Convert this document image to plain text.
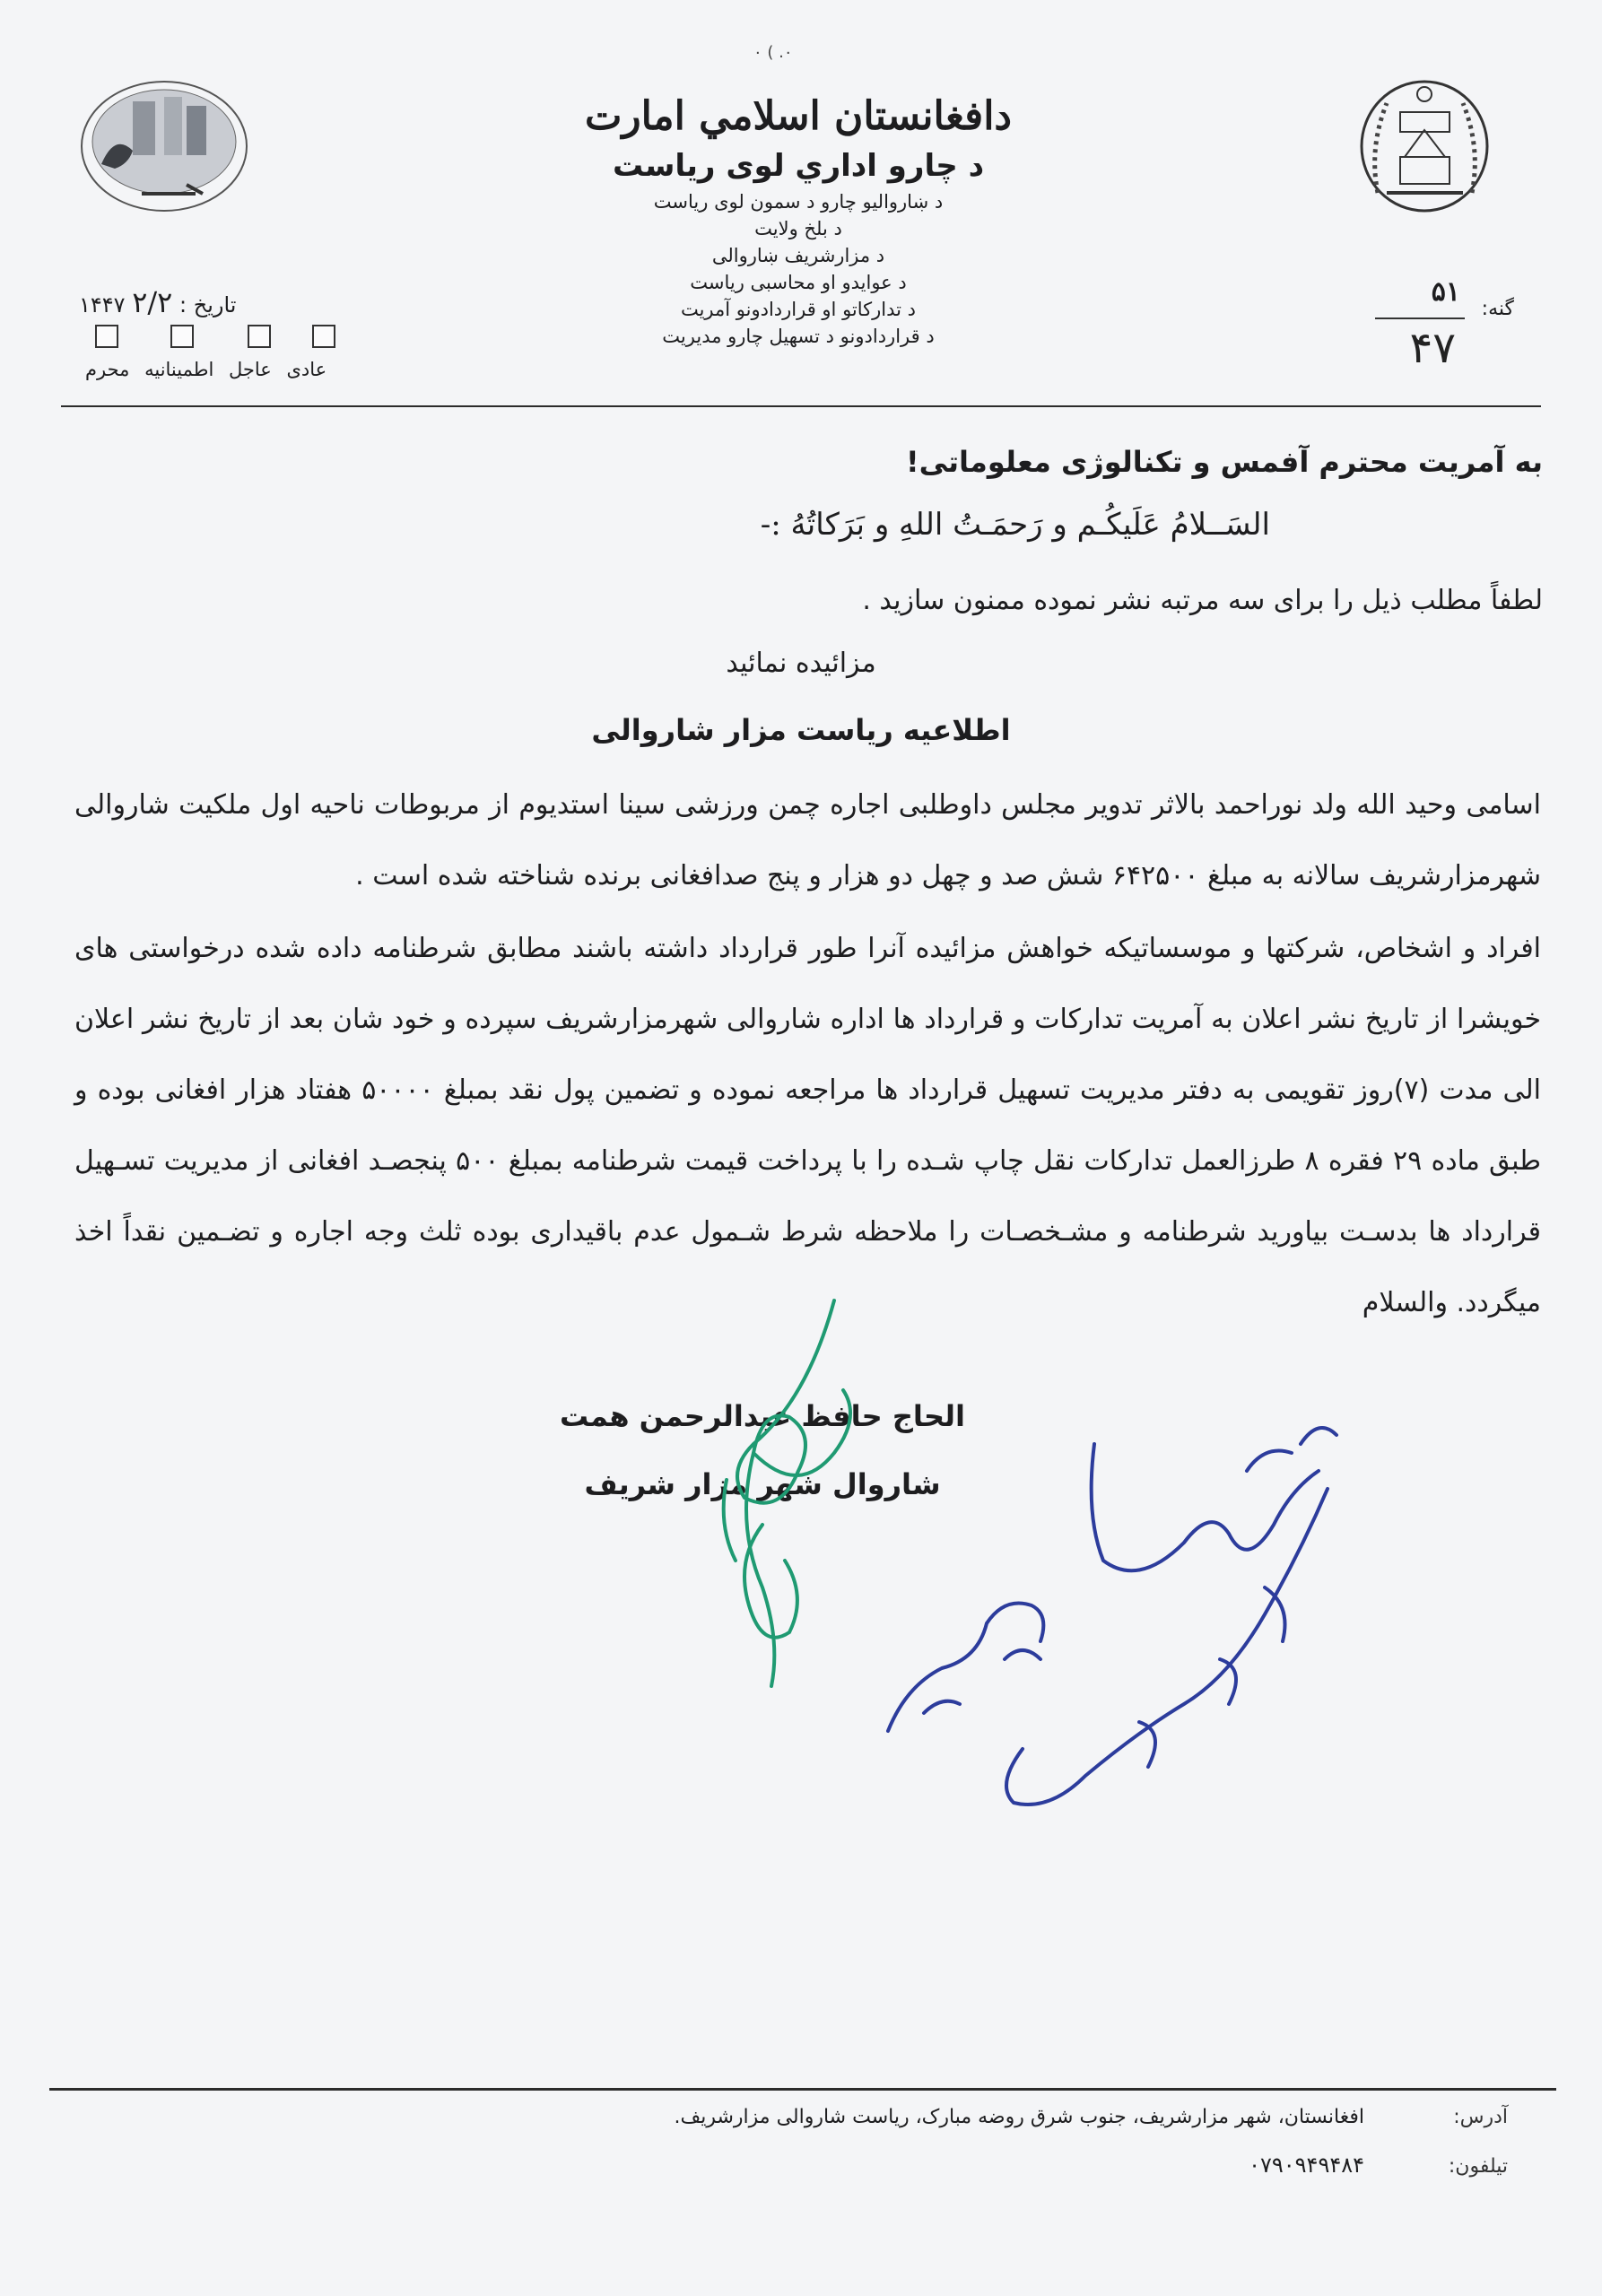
٠. ) ٠
دافغانستان اسلامي امارت
د چارو اداري لوی ریاست
د ښاروالیو چارو د سمون لوی ریاست
د بلخ ولایت
د مزارشریف ښاروالی
د عوایدو او محاسبی ریاست
د تدارکاتو او قراردادونو آمریت
د قراردادونو د تسهیل چارو مدیریت
گنه:
۵۱
۴۷
تاریخ : ۲/۲ ۱۴۴۷
عادی عاجل اطمینانیه محرم
به آمریت محترم آفمس و تکنالوژی معلوماتی!
السَــلامُ عَلَیکُـم و رَحمَـتُ اللهِ و بَرَکاتُهُ :-
لطفاً مطلب ذیل را برای سه مرتبه نشر نموده ممنون سازید .
مزائیده نمائید
اطلاعیه ریاست مزار شاروالی
اسامی وحید الله ولد نوراحمد بالاثر تدویر مجلس داوطلبی اجاره چمن ورزشی سینا استدیوم از مربوطات ناحیه اول ملکیت شاروالی شهرمزارشریف سالانه به مبلغ ۶۴۲۵۰۰ شش صد و چهل دو هزار و پنج صدافغانی برنده شناخته شده است .
افراد و اشخاص، شرکتها و موسساتیکه خواهش مزائیده آنرا طور قرارداد داشته باشند مطابق شرطنامه داده شده درخواستی های خویشرا از تاریخ نشر اعلان به آمریت تدارکات و قرارداد ها اداره شاروالی شهرمزارشریف سپرده و خود شان بعد از تاریخ نشر اعلان الی مدت (۷)روز تقویمی به دفتر مدیریت تسهیل قرارداد ها مراجعه نموده و تضمین پول نقد بمبلغ ۵۰۰۰۰ هفتاد هزار افغانی بوده و طبق ماده ۲۹ فقره ۸ طرزالعمل تدارکات نقل چاپ شـده را با پرداخت قیمت شرطنامه بمبلغ ۵۰۰ پنجصـد افغانی از مدیریت تسـهیل قرارداد ها بدسـت بیاورید شرطنامه و مشـخصـات را ملاحظه شرط شـمول عدم باقیداری بوده ثلث وجه اجاره و تضـمین نقداً اخذ میگردد. والسلام
الحاج حافظ عبدالرحمن همت
شاروال شهر مزار شریف
آدرس:
افغانستان، شهر مزارشریف، جنوب شرق روضه مبارک، ریاست شاروالی مزارشریف.
تیلفون:
۰۷۹۰۹۴۹۴۸۴
